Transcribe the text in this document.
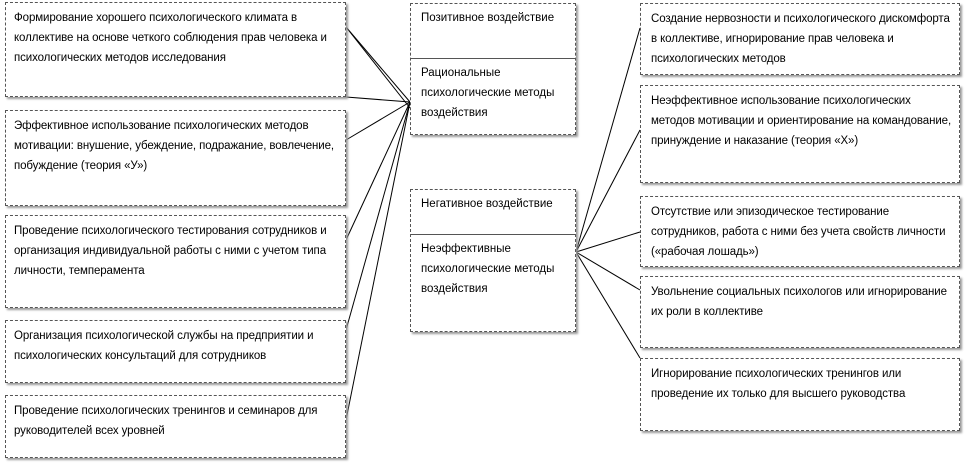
Формирование хорошего психологического климата в коллективе на основе четкого соблюдения прав человека и психологических методов исследования
Эффективное использование психологических методов мотивации: внушение, убеждение, подражание, вовлечение, побуждение (теория «У»)
Проведение психологического тестирования сотрудников и организация индивидуальной работы с ними с учетом типа личности, темперамента
Организация психологической службы на предприятии и психологических консультаций для сотрудников
Проведение психологических тренингов и семинаров для руководителей всех уровней
Позитивное воздействие
Рациональные психологические методы воздействия
Негативное воздействие
Неэффективные психологические методы воздействия
Создание нервозности и психологического дискомфорта в коллективе, игнорирование прав человека и психологических методов
Неэффективное использование психологических методов мотивации и ориентирование на командование, принуждение и наказание (теория «Х»)
Отсутствие или эпизодическое тестирование сотрудников, работа с ними без учета свойств личности («рабочая лошадь»)
Увольнение социальных психологов или игнорирование их роли в коллективе
Игнорирование психологических тренингов или проведение их только для высшего руководства
